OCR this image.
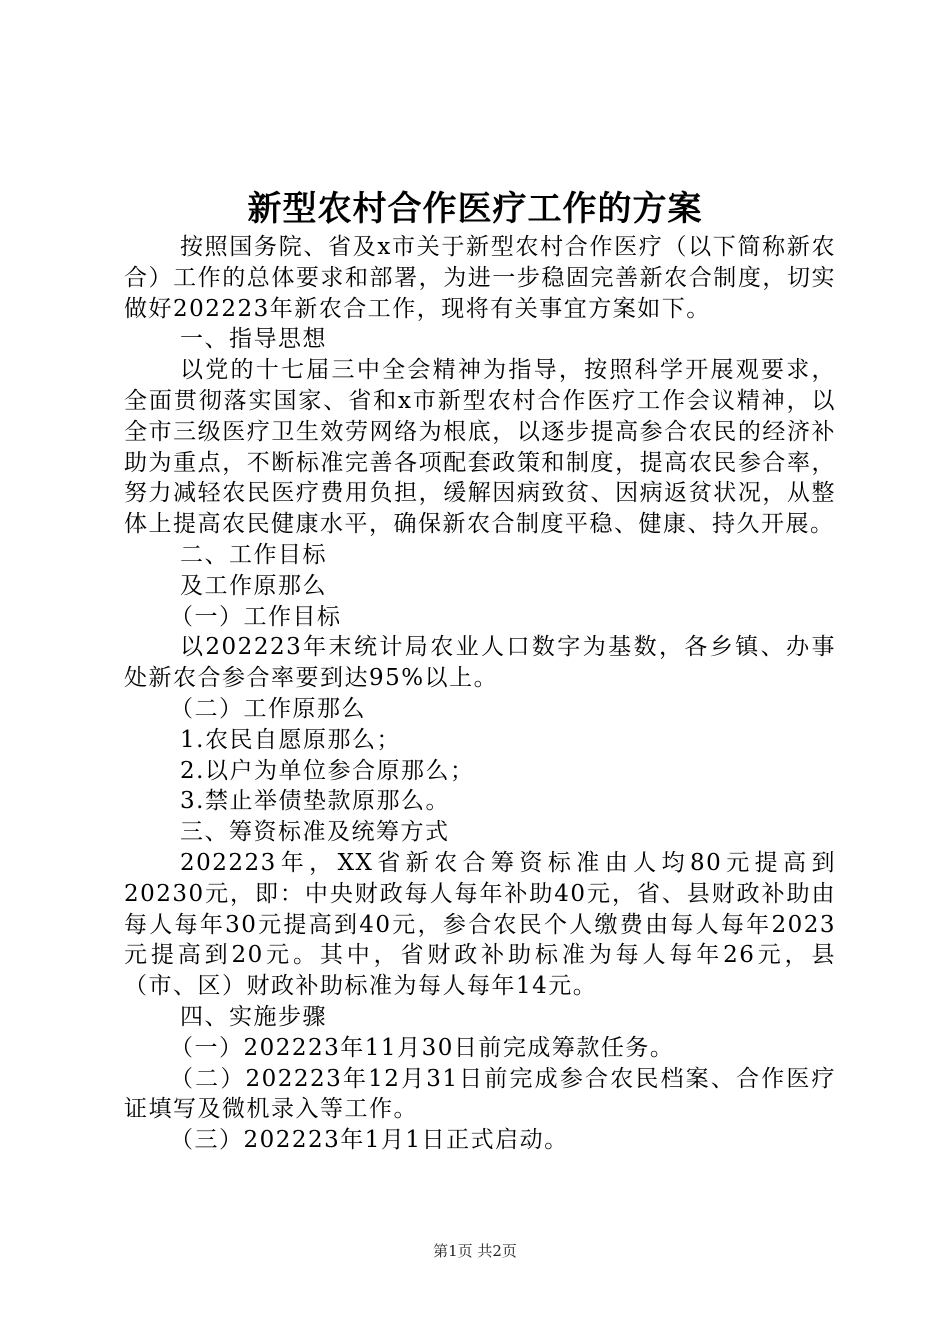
新型农村合作医疗工作的方案

按照国务院、省及x市关于新型农村合作医疗（以下简称新农合）工作的总体要求和部署，为进一步稳固完善新农合制度，切实做好202223年新农合工作，现将有关事宜方案如下。

一、指导思想

以党的十七届三中全会精神为指导，按照科学开展观要求，全面贯彻落实国家、省和x市新型农村合作医疗工作会议精神，以全市三级医疗卫生效劳网络为根底，以逐步提高参合农民的经济补助为重点，不断标准完善各项配套政策和制度，提高农民参合率，努力减轻农民医疗费用负担，缓解因病致贫、因病返贫状况，从整体上提高农民健康水平，确保新农合制度平稳、健康、持久开展。

二、工作目标

及工作原那么

（一）工作目标

以202223年末统计局农业人口数字为基数，各乡镇、办事处新农合参合率要到达95%以上。

（二）工作原那么

1.农民自愿原那么；

2.以户为单位参合原那么；

3.禁止举债垫款原那么。

三、筹资标准及统筹方式

202223年，XX省新农合筹资标准由人均80元提高到20230元，即：中央财政每人每年补助40元，省、县财政补助由每人每年30元提高到40元，参合农民个人缴费由每人每年2023元提高到20元。其中，省财政补助标准为每人每年26元，县（市、区）财政补助标准为每人每年14元。

四、实施步骤

（一）202223年11月30日前完成筹款任务。

（二）202223年12月31日前完成参合农民档案、合作医疗证填写及微机录入等工作。

（三）202223年1月1日正式启动。

第1页 共2页
